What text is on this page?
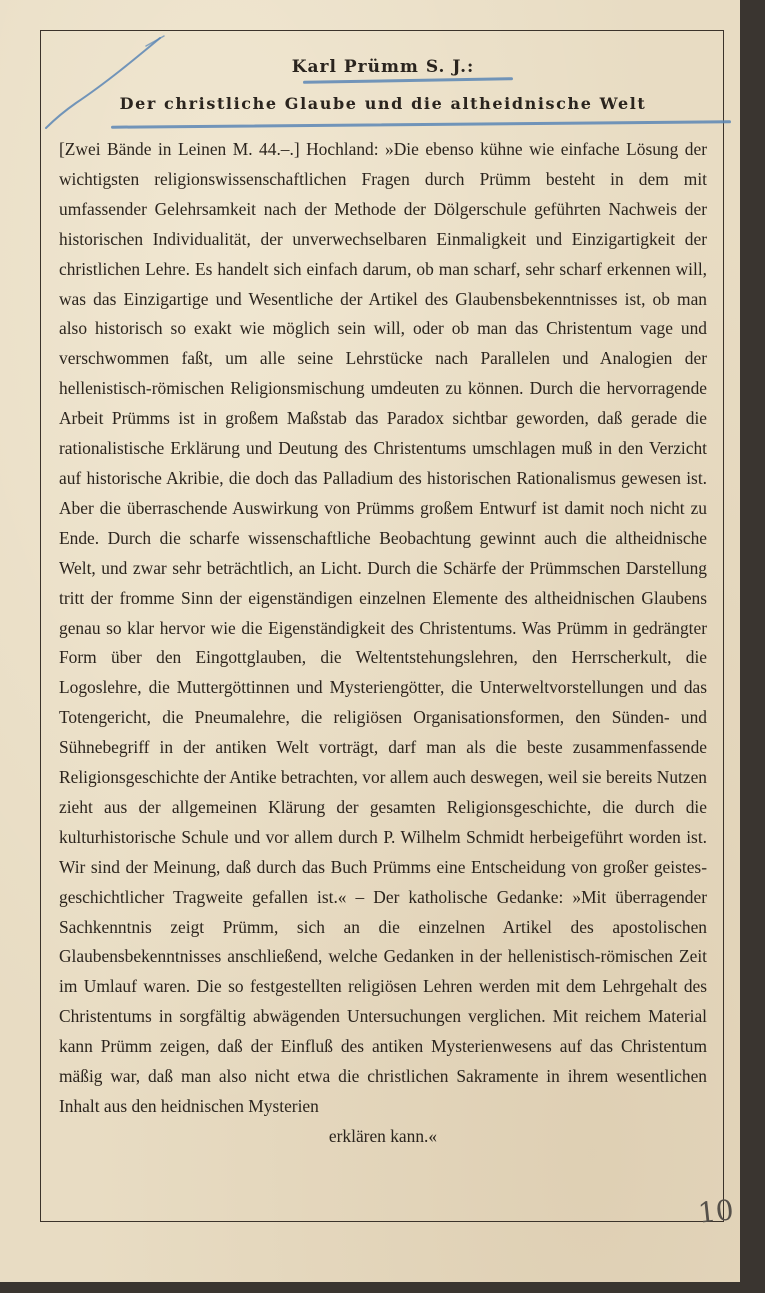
Karl Prümm S. J.:
Der christliche Glaube und die altheidnische Welt

[Zwei Bände in Leinen M. 44.–.] Hochland: »Die ebenso kühne wie einfache Lösung der wichtigsten religionswissenschaftlichen Fragen durch Prümm besteht in dem mit umfassender Gelehrsamkeit nach der Methode der Dölgerschule geführten Nachweis der historischen Individualität, der unverwechselbaren Einmaligkeit und Einzigartigkeit der christlichen Lehre. Es handelt sich einfach darum, ob man scharf, sehr scharf erkennen will, was das Einzigartige und Wesentliche der Artikel des Glaubensbekenntnisses ist, ob man also historisch so exakt wie möglich sein will, oder ob man das Christentum vage und verschwommen faßt, um alle seine Lehrstücke nach Parallelen und Analogien der hellenistisch-römischen Religionsmischung umdeuten zu können. Durch die hervorragende Arbeit Prümms ist in großem Maßstab das Paradox sichtbar geworden, daß gerade die rationalistische Erklärung und Deutung des Christentums umschlagen muß in den Verzicht auf historische Akribie, die doch das Palladium des historischen Rationalismus gewesen ist. Aber die überraschende Auswirkung von Prümms großem Entwurf ist damit noch nicht zu Ende. Durch die scharfe wissenschaftliche Beobachtung gewinnt auch die altheidnische Welt, und zwar sehr beträchtlich, an Licht. Durch die Schärfe der Prümmschen Darstellung tritt der fromme Sinn der eigenständigen einzelnen Elemente des altheidnischen Glaubens genau so klar hervor wie die Eigenständigkeit des Christentums. Was Prümm in gedrängter Form über den Eingottglauben, die Weltentstehungslehren, den Herrscherkult, die Logoslehre, die Muttergöttinnen und Mysteriengötter, die Unterweltvorstellungen und das Totengericht, die Pneumalehre, die religiösen Organisationsformen, den Sünden- und Sühnebegriff in der antiken Welt vorträgt, darf man als die beste zusammenfassende Religionsgeschichte der Antike betrachten, vor allem auch deswegen, weil sie bereits Nutzen zieht aus der allgemeinen Klärung der gesamten Religionsgeschichte, die durch die kulturhistorische Schule und vor allem durch P. Wilhelm Schmidt herbeigeführt worden ist. Wir sind der Meinung, daß durch das Buch Prümms eine Entscheidung von großer geistesgeschichtlicher Tragweite gefallen ist.« – Der katholische Gedanke: »Mit überragender Sachkenntnis zeigt Prümm, sich an die einzelnen Artikel des apostolischen Glaubensbekenntnisses anschließend, welche Gedanken in der hellenistisch-römischen Zeit im Umlauf waren. Die so festgestellten religiösen Lehren werden mit dem Lehrgehalt des Christentums in sorgfältig abwägenden Untersuchungen verglichen. Mit reichem Material kann Prümm zeigen, daß der Einfluß des antiken Mysterienwesens auf das Christentum mäßig war, daß man also nicht etwa die christlichen Sakramente in ihrem wesentlichen Inhalt aus den heidnischen Mysterien
erklären kann.«

10
